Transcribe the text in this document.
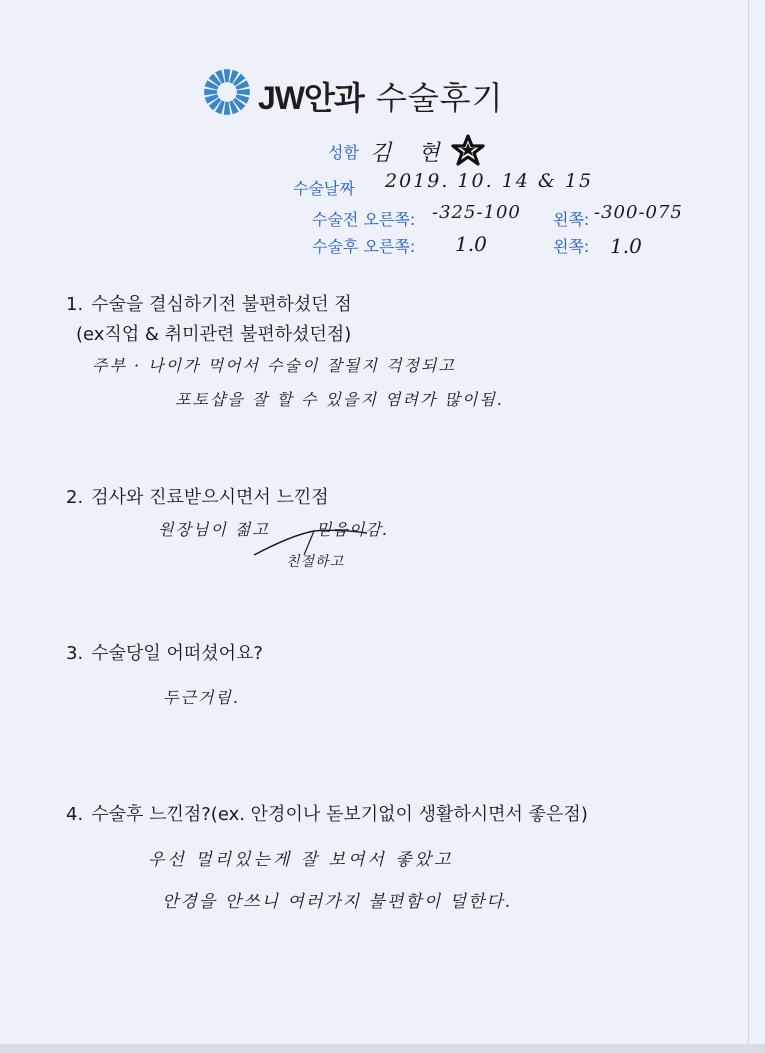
JW안과 수술후기
성함 김 현
수술날짜 2019. 10. 14 & 15
수술전 오른쪽: -325-100 왼쪽: -300-075
수술후 오른쪽: 1.0	왼쪽: 1.0
1. 수술을 결심하기전 불편하셨던 점
(ex직업 & 취미관련 불편하셨던점)
주부 · 나이가 먹어서 수술이 잘될지 걱정되고
포토샵을 잘 할 수 있을지 염려가 많이됨.
2. 검사와 진료받으시면서 느낀점
원장님이 젊고	믿음이감.
친절하고
3. 수술당일 어떠셨어요?
두근거림.
4. 수술후 느낀점?(ex. 안경이나 돋보기없이 생활하시면서 좋은점)
우선 멀리있는게 잘 보여서 좋았고
안경을 안쓰니 여러가지 불편함이 덜한다.
